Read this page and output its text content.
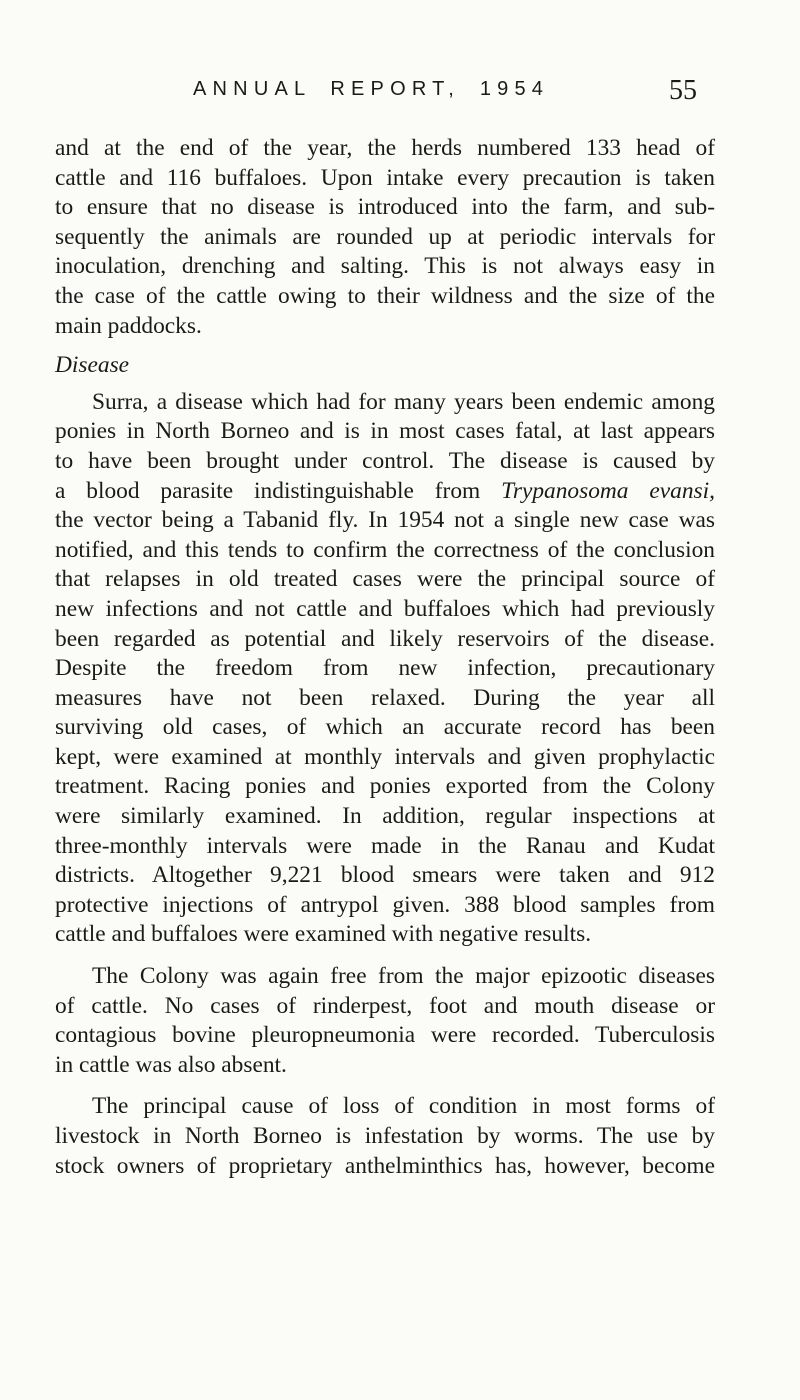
ANNUAL REPORT, 1954	55
and at the end of the year, the herds numbered 133 head of
cattle and 116 buffaloes. Upon intake every precaution is taken
to ensure that no disease is introduced into the farm, and sub-
sequently the animals are rounded up at periodic intervals for
inoculation, drenching and salting. This is not always easy in
the case of the cattle owing to their wildness and the size of the
main paddocks.
Disease
Surra, a disease which had for many years been endemic among
ponies in North Borneo and is in most cases fatal, at last appears
to have been brought under control. The disease is caused by
a blood parasite indistinguishable from Trypanosoma evansi,
the vector being a Tabanid fly. In 1954 not a single new case was
notified, and this tends to confirm the correctness of the conclusion
that relapses in old treated cases were the principal source of
new infections and not cattle and buffaloes which had previously
been regarded as potential and likely reservoirs of the disease.
Despite the freedom from new infection, precautionary
measures have not been relaxed. During the year all
surviving old cases, of which an accurate record has been
kept, were examined at monthly intervals and given prophylactic
treatment. Racing ponies and ponies exported from the Colony
were similarly examined. In addition, regular inspections at
three-monthly intervals were made in the Ranau and Kudat
districts. Altogether 9,221 blood smears were taken and 912
protective injections of antrypol given. 388 blood samples from
cattle and buffaloes were examined with negative results.
The Colony was again free from the major epizootic diseases
of cattle. No cases of rinderpest, foot and mouth disease or
contagious bovine pleuropneumonia were recorded. Tuberculosis
in cattle was also absent.
The principal cause of loss of condition in most forms of
livestock in North Borneo is infestation by worms. The use by
stock owners of proprietary anthelminthics has, however, become
